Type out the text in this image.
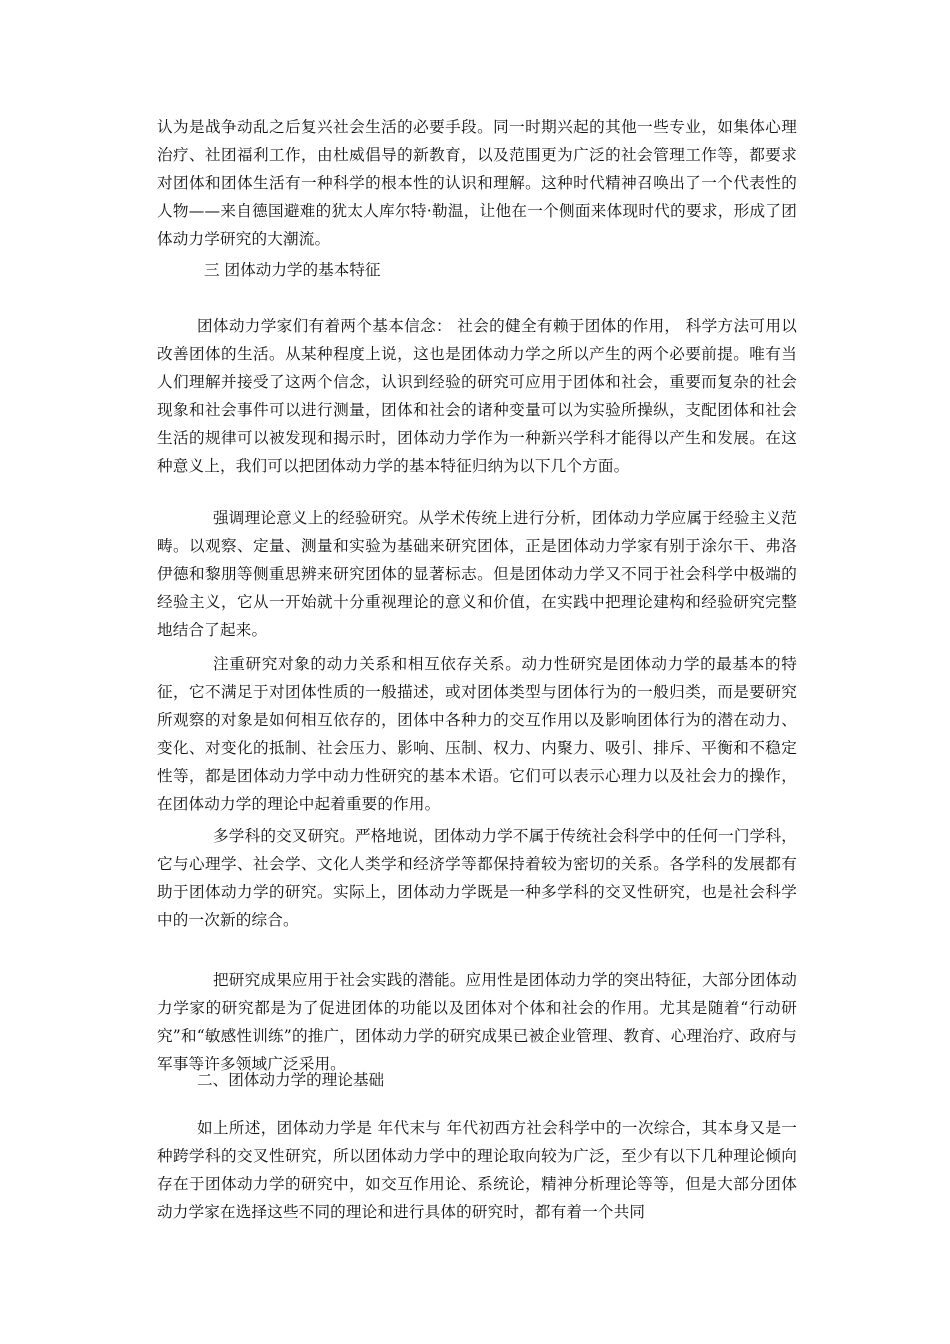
认为是战争动乱之后复兴社会生活的必要手段。同一时期兴起的其他一些专业，如集体心理治疗、社团福利工作，由杜威倡导的新教育，以及范围更为广泛的社会管理工作等，都要求对团体和团体生活有一种科学的根本性的认识和理解。这种时代精神召唤出了一个代表性的人物——来自德国避难的犹太人库尔特·勒温，让他在一个侧面来体现时代的要求，形成了团体动力学研究的大潮流。

三 团体动力学的基本特征

团体动力学家们有着两个基本信念： 社会的健全有赖于团体的作用， 科学方法可用以改善团体的生活。从某种程度上说，这也是团体动力学之所以产生的两个必要前提。唯有当人们理解并接受了这两个信念，认识到经验的研究可应用于团体和社会，重要而复杂的社会现象和社会事件可以进行测量，团体和社会的诸种变量可以为实验所操纵，支配团体和社会生活的规律可以被发现和揭示时，团体动力学作为一种新兴学科才能得以产生和发展。在这种意义上，我们可以把团体动力学的基本特征归纳为以下几个方面。

强调理论意义上的经验研究。从学术传统上进行分析，团体动力学应属于经验主义范畴。以观察、定量、测量和实验为基础来研究团体，正是团体动力学家有别于涂尔干、弗洛伊德和黎朋等侧重思辨来研究团体的显著标志。但是团体动力学又不同于社会科学中极端的经验主义，它从一开始就十分重视理论的意义和价值，在实践中把理论建构和经验研究完整地结合了起来。

注重研究对象的动力关系和相互依存关系。动力性研究是团体动力学的最基本的特征，它不满足于对团体性质的一般描述，或对团体类型与团体行为的一般归类，而是要研究所观察的对象是如何相互依存的，团体中各种力的交互作用以及影响团体行为的潜在动力、变化、对变化的抵制、社会压力、影响、压制、权力、内聚力、吸引、排斥、平衡和不稳定性等，都是团体动力学中动力性研究的基本术语。它们可以表示心理力以及社会力的操作，在团体动力学的理论中起着重要的作用。

多学科的交叉研究。严格地说，团体动力学不属于传统社会科学中的任何一门学科，它与心理学、社会学、文化人类学和经济学等都保持着较为密切的关系。各学科的发展都有助于团体动力学的研究。实际上，团体动力学既是一种多学科的交叉性研究，也是社会科学中的一次新的综合。

把研究成果应用于社会实践的潜能。应用性是团体动力学的突出特征，大部分团体动力学家的研究都是为了促进团体的功能以及团体对个体和社会的作用。尤其是随着“行动研究”和“敏感性训练”的推广，团体动力学的研究成果已被企业管理、教育、心理治疗、政府与军事等许多领域广泛采用。

二、团体动力学的理论基础

如上所述，团体动力学是 年代末与 年代初西方社会科学中的一次综合，其本身又是一种跨学科的交叉性研究，所以团体动力学中的理论取向较为广泛，至少有以下几种理论倾向存在于团体动力学的研究中，如交互作用论、系统论，精神分析理论等等，但是大部分团体动力学家在选择这些不同的理论和进行具体的研究时，都有着一个共同
